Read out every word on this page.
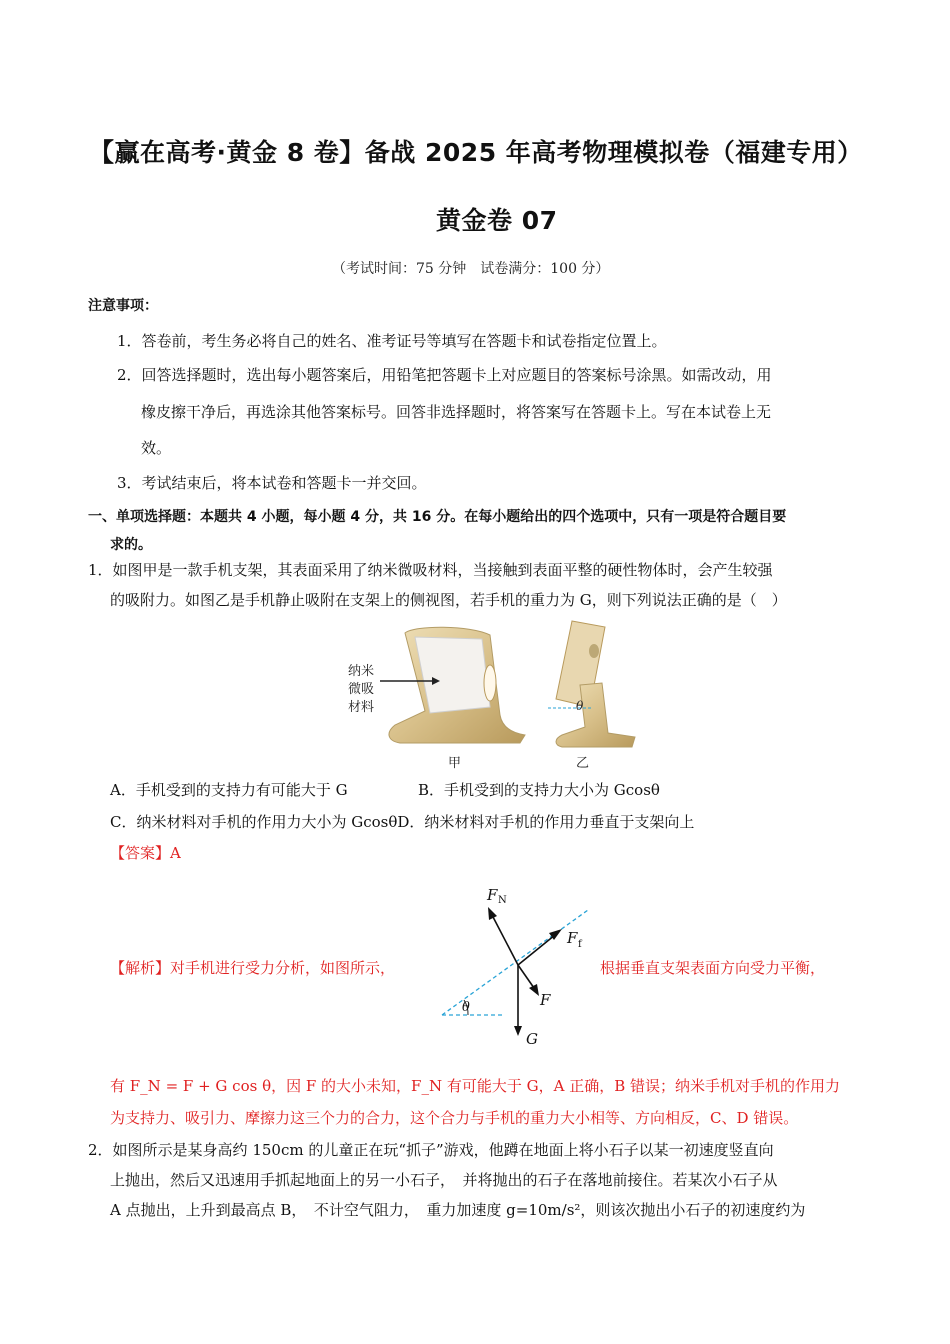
【赢在高考·黄金 8 卷】备战 2025 年高考物理模拟卷（福建专用）
黄金卷 07
（考试时间：75 分钟　试卷满分：100 分）
注意事项：
1．答卷前，考生务必将自己的姓名、准考证号等填写在答题卡和试卷指定位置上。
2．回答选择题时，选出每小题答案后，用铅笔把答题卡上对应题目的答案标号涂黑。如需改动，用
橡皮擦干净后，再选涂其他答案标号。回答非选择题时，将答案写在答题卡上。写在本试卷上无
效。
3．考试结束后，将本试卷和答题卡一并交回。
一、单项选择题：本题共 4 小题，每小题 4 分，共 16 分。在每小题给出的四个选项中，只有一项是符合题目要
求的。
1．如图甲是一款手机支架，其表面采用了纳米微吸材料，当接触到表面平整的硬性物体时，会产生较强
的吸附力。如图乙是手机静止吸附在支架上的侧视图，若手机的重力为 G，则下列说法正确的是（　）
纳米
微吸
材料
甲
θ
乙
A．手机受到的支持力有可能大于 G	B．手机受到的支持力大小为 Gcosθ
C．纳米材料对手机的作用力大小为 GcosθD．纳米材料对手机的作用力垂直于支架向上
【答案】A
【解析】对手机进行受力分析，如图所示，
θ
F N
F f
F
G
根据垂直支架表面方向受力平衡，
有 F_N = F + G cos θ，因 F 的大小未知，F_N 有可能大于 G，A 正确，B 错误；纳米手机对手机的作用力
为支持力、吸引力、摩擦力这三个力的合力，这个合力与手机的重力大小相等、方向相反，C、D 错误。
2．如图所示是某身高约 150cm 的儿童正在玩“抓子”游戏，他蹲在地面上将小石子以某一初速度竖直向
上抛出，然后又迅速用手抓起地面上的另一小石子，　并将抛出的石子在落地前接住。若某次小石子从
A 点抛出，上升到最高点 B，　不计空气阻力，　重力加速度 g=10m/s²，则该次抛出小石子的初速度约为
